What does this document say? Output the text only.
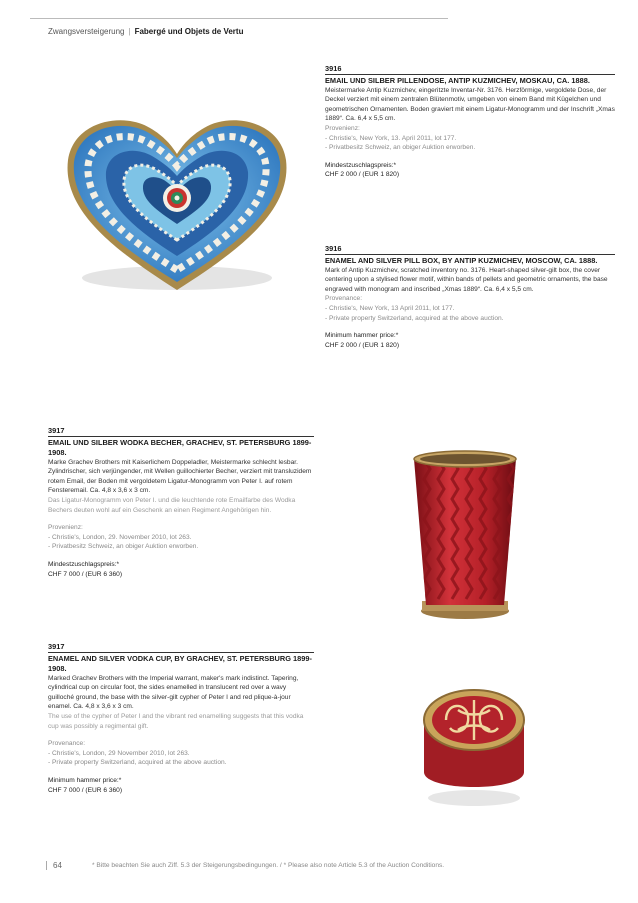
Zwangsversteigerung | Fabergé und Objets de Vertu
3916
EMAIL UND SILBER PILLENDOSE, ANTIP KUZMICHEV, MOSKAU, CA. 1888.
Meistermarke Antip Kuzmichev, eingeritzte Inventar-Nr. 3176. Herzförmige, vergoldete Dose, der Deckel verziert mit einem zentralen Blütenmotiv, umgeben von einem Band mit Kügelchen und geometrischen Ornamenten. Boden graviert mit einem Ligatur-Monogramm und der Inschrift „Xmas 1889“. Ca. 6,4 x 5,5 cm.
Provenienz:
- Christie's, New York, 13. April 2011, lot 177.
- Privatbesitz Schweiz, an obiger Auktion erworben.
Mindestzuschlagspreis:*
CHF 2 000 / (EUR 1 820)
3916
ENAMEL AND SILVER PILL BOX, BY ANTIP KUZMICHEV, MOSCOW, CA. 1888.
Mark of Antip Kuzmichev, scratched inventory no. 3176. Heart-shaped silver-gilt box, the cover centering upon a stylised flower motif, within bands of pellets and geometric ornaments, the base engraved with monogram and inscribed „Xmas 1889“. Ca. 6,4 x 5,5 cm.
Provenance:
- Christie's, New York, 13 April 2011, lot 177.
- Private property Switzerland, acquired at the above auction.
Minimum hammer price:*
CHF 2 000 / (EUR 1 820)
3917
EMAIL UND SILBER WODKA BECHER, GRACHEV, ST. PETERSBURG 1899-1908.
Marke Grachev Brothers mit Kaiserlichem Doppeladler, Meistermarke schlecht lesbar. Zylindrischer, sich verjüngender, mit Wellen guillochierter Becher, verziert mit transluzidem rotem Email, der Boden mit vergoldetem Ligatur-Monogramm von Peter I. auf rotem Fensteremail. Ca. 4,8 x 3,6 x 3 cm.
Das Ligatur-Monogramm von Peter I. und die leuchtende rote Emailfarbe des Wodka Bechers deuten wohl auf ein Geschenk an einen Regiment Angehörigen hin.
Provenienz:
- Christie's, London, 29. November 2010, lot 263.
- Privatbesitz Schweiz, an obiger Auktion erworben.
Mindestzuschlagspreis:*
CHF 7 000 / (EUR 6 360)
3917
ENAMEL AND SILVER VODKA CUP, BY GRACHEV, ST. PETERSBURG 1899-1908.
Marked Grachev Brothers with the Imperial warrant, maker's mark indistinct. Tapering, cylindrical cup on circular foot, the sides enamelled in translucent red over a wavy guilloché ground, the base with the silver-gilt cypher of Peter I and red plique-à-jour enamel. Ca. 4,8 x 3,6 x 3 cm.
The use of the cypher of Peter I and the vibrant red enamelling suggests that this vodka cup was possibly a regimental gift.
Provenance:
- Christie's, London, 29 November 2010, lot 263.
- Private property Switzerland, acquired at the above auction.
Minimum hammer price:*
CHF 7 000 / (EUR 6 360)
64	* Bitte beachten Sie auch Ziff. 5.3 der Steigerungsbedingungen. / * Please also note Article 5.3 of the Auction Conditions.
